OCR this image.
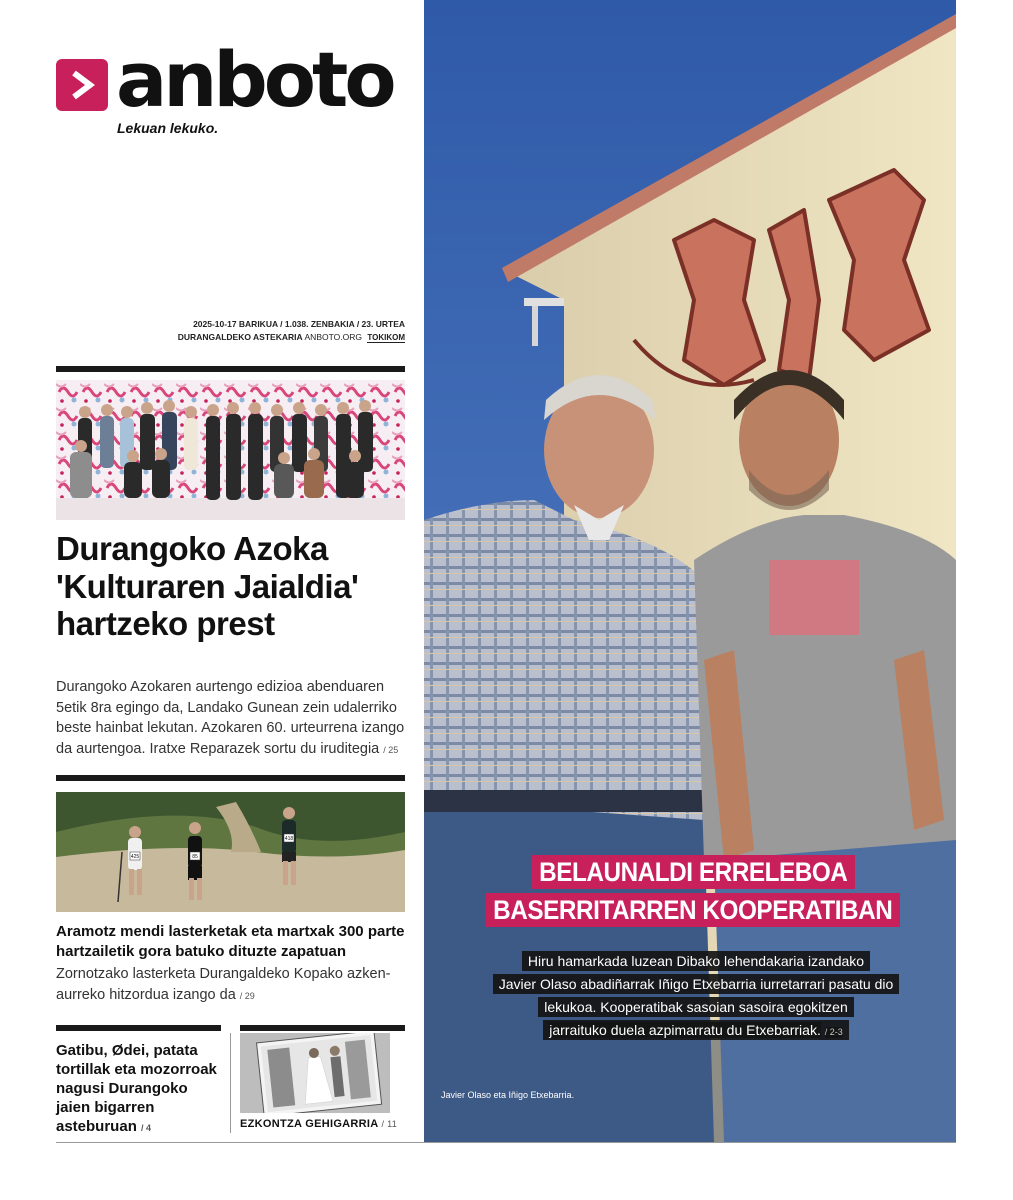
anboto
Lekuan lekuko.
2025-10-17 BARIKUA / 1.038. ZENBAKIA / 23. URTEA
DURANGALDEKO ASTEKARIA ANBOTO.ORG TOKIKOM
Durangoko Azoka 'Kulturaren Jaialdia' hartzeko prest
Durangoko Azokaren aurtengo edizioa abenduaren 5etik 8ra egingo da, Landako Gunean zein udalerriko beste hainbat lekutan. Azokaren 60. urteurrena izango da aurtengoa. Iratxe Reparazek sortu du iruditegia / 25
425	85
418
Aramotz mendi lasterketak eta martxak 300 parte hartzailetik gora batuko dituzte zapatuan
Zornotzako lasterketa Durangaldeko Kopako azken-aurreko hitzordua izango da / 29
Gatibu, Ødei, patata tortillak eta mozorroak nagusi Durangoko jaien bigarren asteburuan / 4	EZKONTZA GEHIGARRIA / 11
BELAUNALDI ERRELEBOA
BASERRITARREN KOOPERATIBAN
Hiru hamarkada luzean Dibako lehendakaria izandako
Javier Olaso abadiñarrak Iñigo Etxebarria iurretarrari pasatu dio
lekukoa. Kooperatibak sasoian sasoira egokitzen
jarraituko duela azpimarratu du Etxebarriak. / 2-3
Javier Olaso eta Iñigo Etxebarria.
